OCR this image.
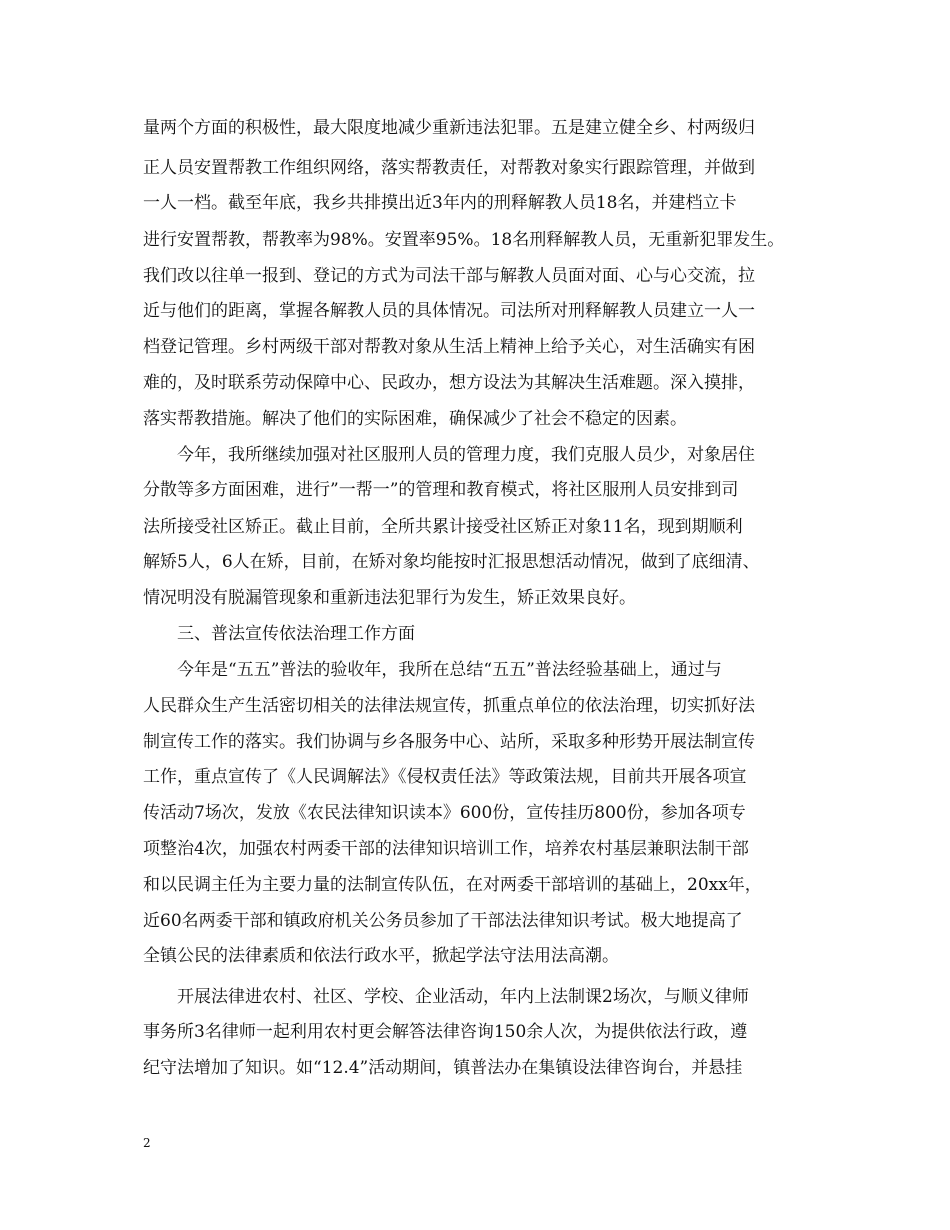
量两个方面的积极性，最大限度地减少重新违法犯罪。五是建立健全乡、村两级归
正人员安置帮教工作组织网络，落实帮教责任，对帮教对象实行跟踪管理，并做到
一人一档。截至年底，我乡共排摸出近3年内的刑释解教人员18名，并建档立卡
进行安置帮教，帮教率为98%。安置率95%。18名刑释解教人员，无重新犯罪发生。
我们改以往单一报到、登记的方式为司法干部与解教人员面对面、心与心交流，拉
近与他们的距离，掌握各解教人员的具体情况。司法所对刑释解教人员建立一人一
档登记管理。乡村两级干部对帮教对象从生活上精神上给予关心，对生活确实有困
难的，及时联系劳动保障中心、民政办，想方设法为其解决生活难题。深入摸排，
落实帮教措施。解决了他们的实际困难，确保减少了社会不稳定的因素。
今年，我所继续加强对社区服刑人员的管理力度，我们克服人员少，对象居住
分散等多方面困难，进行”一帮一”的管理和教育模式，将社区服刑人员安排到司
法所接受社区矫正。截止目前，全所共累计接受社区矫正对象11名，现到期顺利
解矫5人，6人在矫，目前，在矫对象均能按时汇报思想活动情况，做到了底细清、
情况明没有脱漏管现象和重新违法犯罪行为发生，矫正效果良好。
三、普法宣传依法治理工作方面
今年是“五五”普法的验收年，我所在总结“五五”普法经验基础上，通过与
人民群众生产生活密切相关的法律法规宣传，抓重点单位的依法治理，切实抓好法
制宣传工作的落实。我们协调与乡各服务中心、站所，采取多种形势开展法制宣传
工作，重点宣传了《人民调解法》《侵权责任法》等政策法规，目前共开展各项宣
传活动7场次，发放《农民法律知识读本》600份，宣传挂历800份，参加各项专
项整治4次，加强农村两委干部的法律知识培训工作，培养农村基层兼职法制干部
和以民调主任为主要力量的法制宣传队伍，在对两委干部培训的基础上，20xx年，
近60名两委干部和镇政府机关公务员参加了干部法法律知识考试。极大地提高了
全镇公民的法律素质和依法行政水平，掀起学法守法用法高潮。
开展法律进农村、社区、学校、企业活动，年内上法制课2场次，与顺义律师
事务所3名律师一起利用农村更会解答法律咨询150余人次，为提供依法行政，遵
纪守法增加了知识。如“12.4”活动期间，镇普法办在集镇设法律咨询台，并悬挂
2
